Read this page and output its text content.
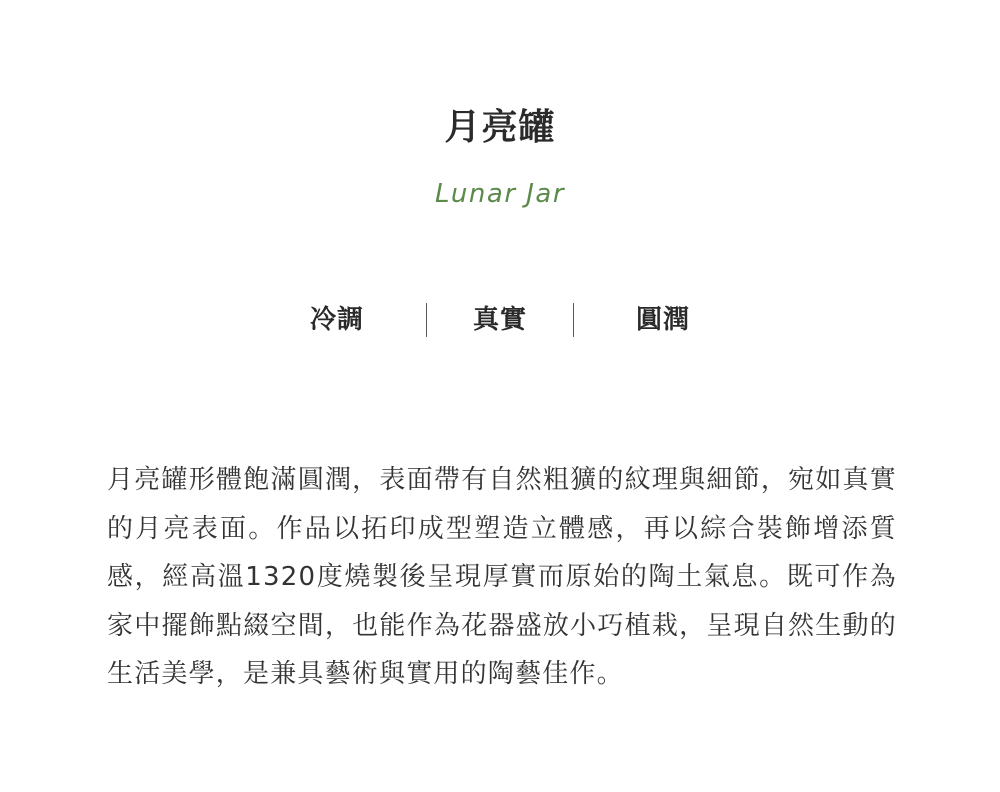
月亮罐
Lunar Jar
冷調	真實	圓潤

月亮罐形體飽滿圓潤，表面帶有自然粗獷的紋理與細節，宛如真實的月亮表面。作品以拓印成型塑造立體感，再以綜合裝飾增添質感，經高溫1320度燒製後呈現厚實而原始的陶土氣息。既可作為家中擺飾點綴空間，也能作為花器盛放小巧植栽，呈現自然生動的生活美學，是兼具藝術與實用的陶藝佳作。
